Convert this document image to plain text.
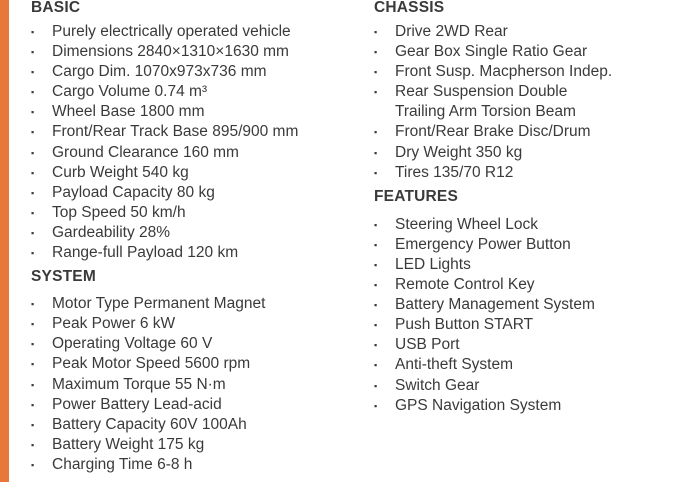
BASIC
▪ Purely electrically operated vehicle
▪ Dimensions 2840×1310×1630 mm
▪ Cargo Dim. 1070x973x736 mm
▪ Cargo Volume 0.74 m³
▪ Wheel Base 1800 mm
▪ Front/Rear Track Base 895/900 mm
▪ Ground Clearance 160 mm
▪ Curb Weight 540 kg
▪ Payload Capacity 80 kg
▪ Top Speed 50 km/h
▪ Gardeability 28%
▪ Range-full Payload 120 km
SYSTEM
▪ Motor Type Permanent Magnet
▪ Peak Power 6 kW
▪ Operating Voltage 60 V
▪ Peak Motor Speed 5600 rpm
▪ Maximum Torque 55 N·m
▪ Power Battery Lead-acid
▪ Battery Capacity 60V 100Ah
▪ Battery Weight 175 kg
▪ Charging Time 6-8 h
CHASSIS
▪ Drive 2WD Rear
▪ Gear Box Single Ratio Gear
▪ Front Susp. Macpherson Indep.
▪ Rear Suspension Double Trailing Arm Torsion Beam
▪ Front/Rear Brake Disc/Drum
▪ Dry Weight 350 kg
▪ Tires 135/70 R12
FEATURES
▪ Steering Wheel Lock
▪ Emergency Power Button
▪ LED Lights
▪ Remote Control Key
▪ Battery Management System
▪ Push Button START
▪ USB Port
▪ Anti-theft System
▪ Switch Gear
▪ GPS Navigation System
